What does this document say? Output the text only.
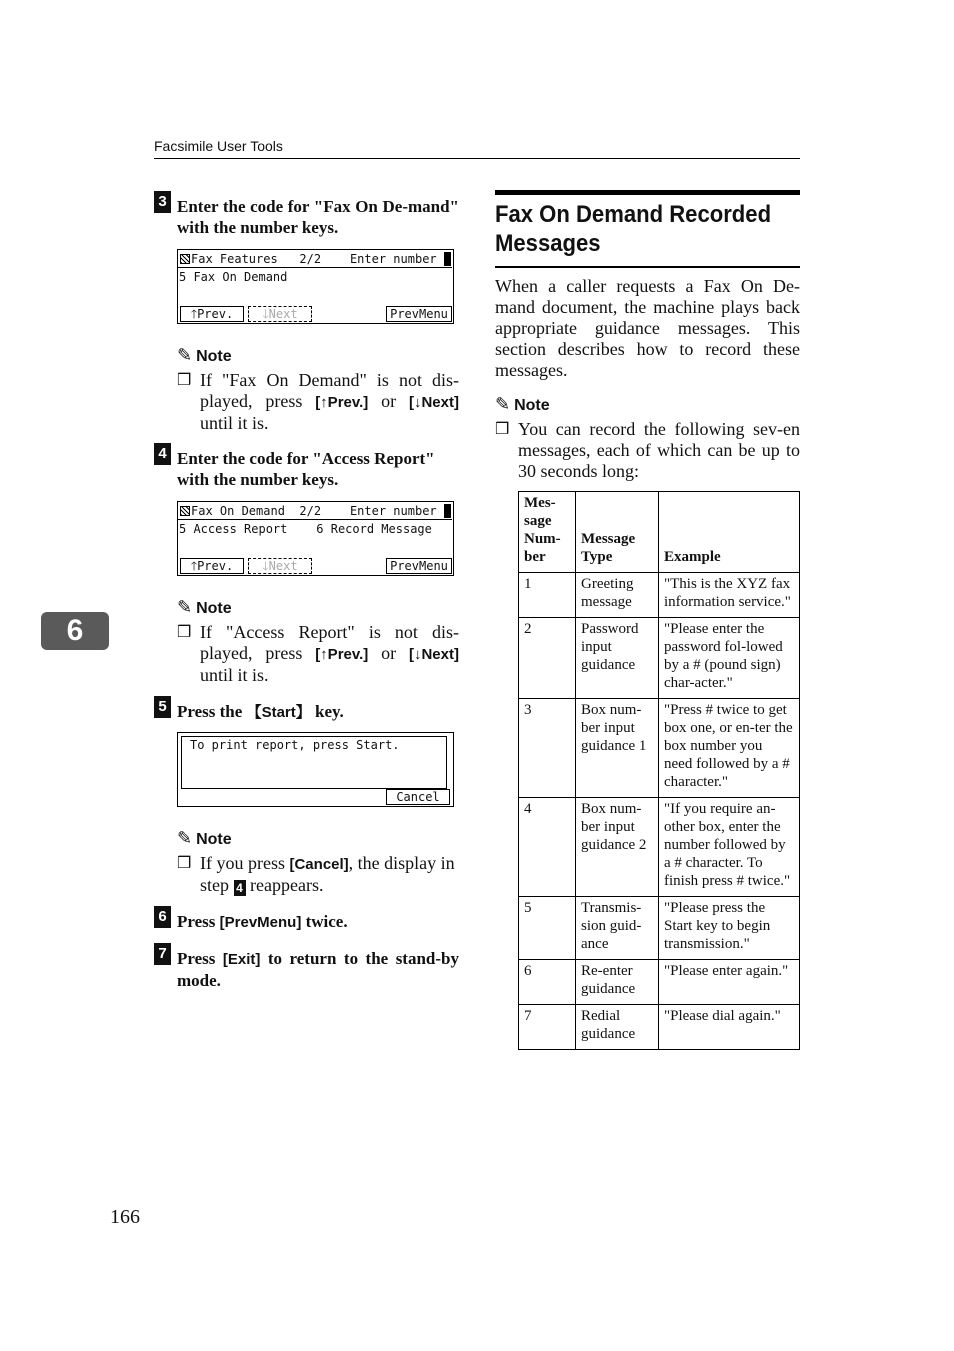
Facsimile User Tools
6
3 Enter the code for "Fax On De-mand" with the number keys.
Fax Features   2/2    Enter number
5 Fax On Demand
🡑Prev.	🡓Next	PrevMenu
✎ Note
❒ If "Fax On Demand" is not dis-played, press [↑Prev.] or [↓Next] until it is.
4 Enter the code for "Access Report" with the number keys.
Fax On Demand  2/2    Enter number
5 Access Report    6 Record Message
🡑Prev.	🡓Next	PrevMenu
✎ Note
❒ If "Access Report" is not dis-played, press [↑Prev.] or [↓Next] until it is.
5 Press the 【Start】 key.
To print report, press Start.
Cancel
✎ Note
❒ If you press [Cancel], the display in step 4 reappears.
6 Press [PrevMenu] twice.
7 Press [Exit] to return to the stand-by mode.
Fax On Demand Recorded Messages
When a caller requests a Fax On De-mand document, the machine plays back appropriate guidance messages. This section describes how to record these messages.
✎ Note
❒ You can record the following sev-en messages, each of which can be up to 30 seconds long:
Mes-sage Num-ber	Message Type	Example
1	Greeting message	"This is the XYZ fax information service."
2	Password input guidance	"Please enter the password fol-lowed by a # (pound sign) char-acter."
3	Box num-ber input guidance 1	"Press # twice to get box one, or en-ter the box number you need followed by a # character."
4	Box num-ber input guidance 2	"If you require an-other box, enter the number followed by a # character. To finish press # twice."
5	Transmis-sion guid-ance	"Please press the Start key to begin transmission."
6	Re-enter guidance	"Please enter again."
7	Redial guidance	"Please dial again."
166
